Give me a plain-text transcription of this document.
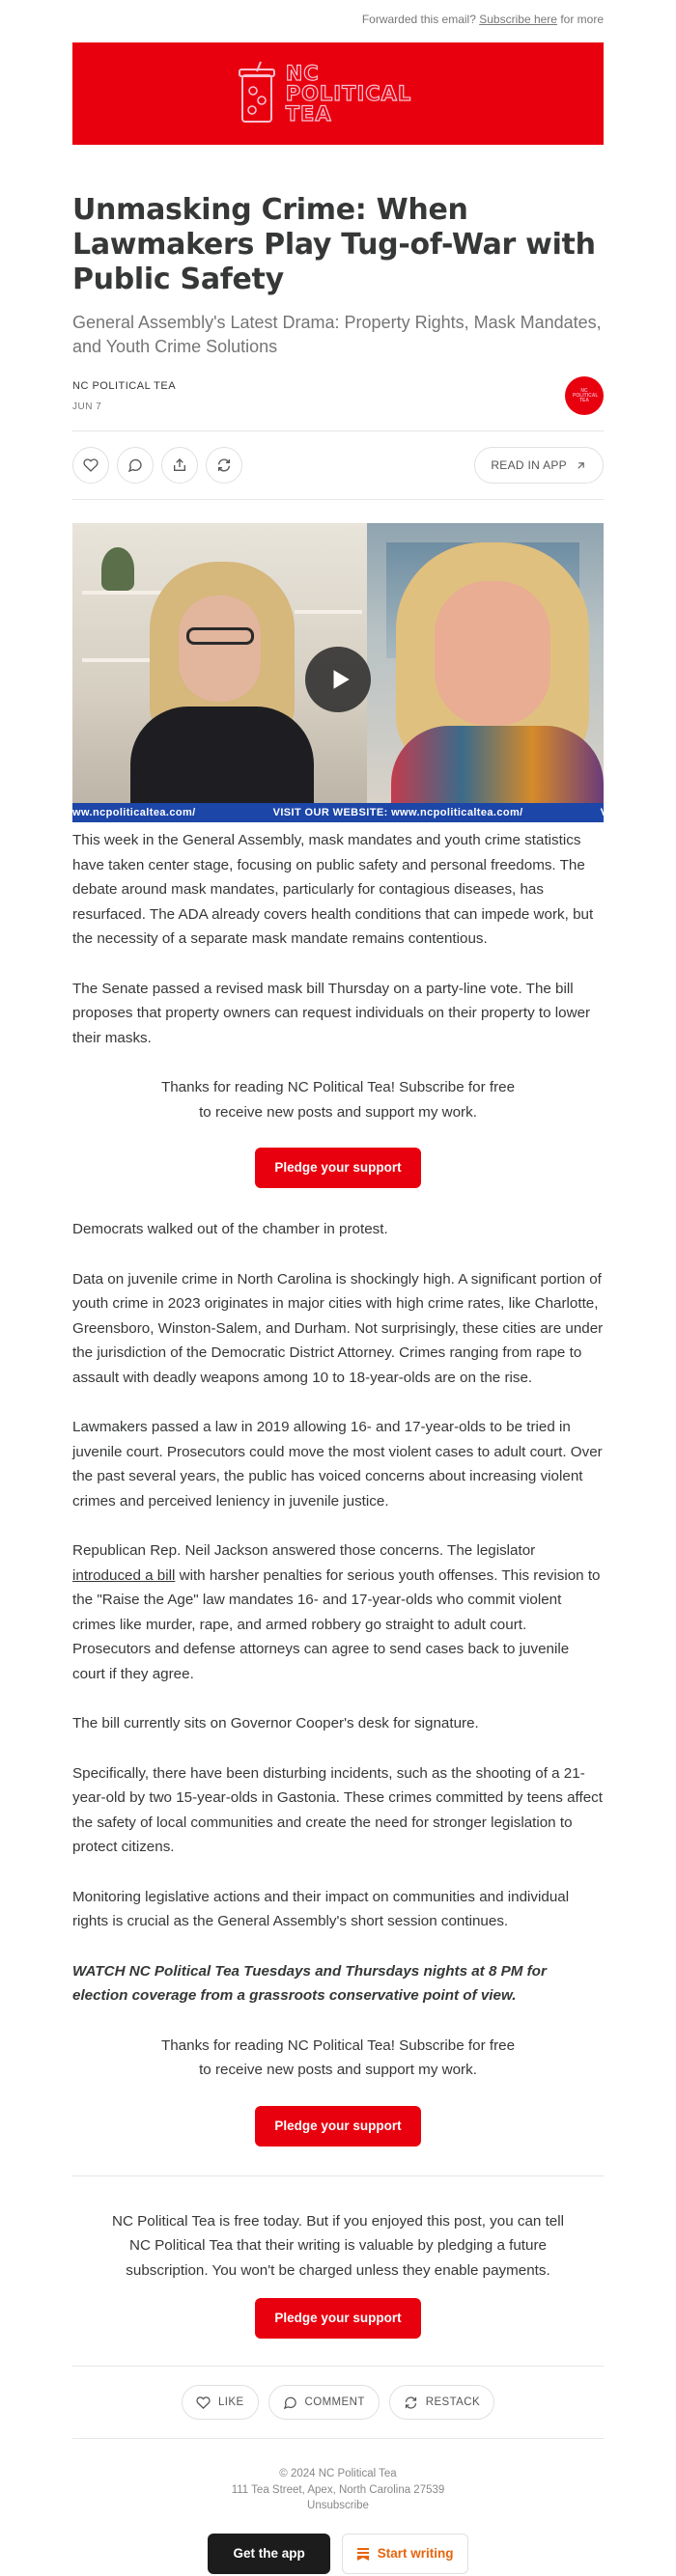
Forwarded this email? Subscribe here for more
NC
POLITICAL
TEA
Unmasking Crime: When Lawmakers Play Tug-of-War with Public Safety
General Assembly's Latest Drama: Property Rights, Mask Mandates, and Youth Crime Solutions
NC POLITICAL TEA
JUN 7
NC POLITICAL TEA
READ IN APP
ww.ncpoliticaltea.com/	VISIT OUR WEBSITE: www.ncpoliticaltea.com/	V

This week in the General Assembly, mask mandates and youth crime statistics have taken center stage, focusing on public safety and personal freedoms. The debate around mask mandates, particularly for contagious diseases, has resurfaced. The ADA already covers health conditions that can impede work, but the necessity of a separate mask mandate remains contentious.

The Senate passed a revised mask bill Thursday on a party-line vote. The bill proposes that property owners can request individuals on their property to lower their masks.

Thanks for reading NC Political Tea! Subscribe for free
to receive new posts and support my work.
Pledge your support

Democrats walked out of the chamber in protest.

Data on juvenile crime in North Carolina is shockingly high. A significant portion of youth crime in 2023 originates in major cities with high crime rates, like Charlotte, Greensboro, Winston-Salem, and Durham. Not surprisingly, these cities are under the jurisdiction of the Democratic District Attorney. Crimes ranging from rape to assault with deadly weapons among 10 to 18-year-olds are on the rise.

Lawmakers passed a law in 2019 allowing 16- and 17-year-olds to be tried in juvenile court. Prosecutors could move the most violent cases to adult court. Over the past several years, the public has voiced concerns about increasing violent crimes and perceived leniency in juvenile justice.

Republican Rep. Neil Jackson answered those concerns. The legislator introduced a bill with harsher penalties for serious youth offenses. This revision to the "Raise the Age" law mandates 16- and 17-year-olds who commit violent crimes like murder, rape, and armed robbery go straight to adult court. Prosecutors and defense attorneys can agree to send cases back to juvenile court if they agree.

The bill currently sits on Governor Cooper's desk for signature.

Specifically, there have been disturbing incidents, such as the shooting of a 21-year-old by two 15-year-olds in Gastonia. These crimes committed by teens affect the safety of local communities and create the need for stronger legislation to protect citizens.

Monitoring legislative actions and their impact on communities and individual rights is crucial as the General Assembly's short session continues.

WATCH NC Political Tea Tuesdays and Thursdays nights at 8 PM for election coverage from a grassroots conservative point of view.

Thanks for reading NC Political Tea! Subscribe for free
to receive new posts and support my work.
Pledge your support
NC Political Tea is free today. But if you enjoyed this post, you can tell NC Political Tea that their writing is valuable by pledging a future subscription. You won't be charged unless they enable payments.
Pledge your support
LIKE	COMMENT	RESTACK
© 2024 NC Political Tea
111 Tea Street, Apex, North Carolina 27539
Unsubscribe
Get the app	Start writing
